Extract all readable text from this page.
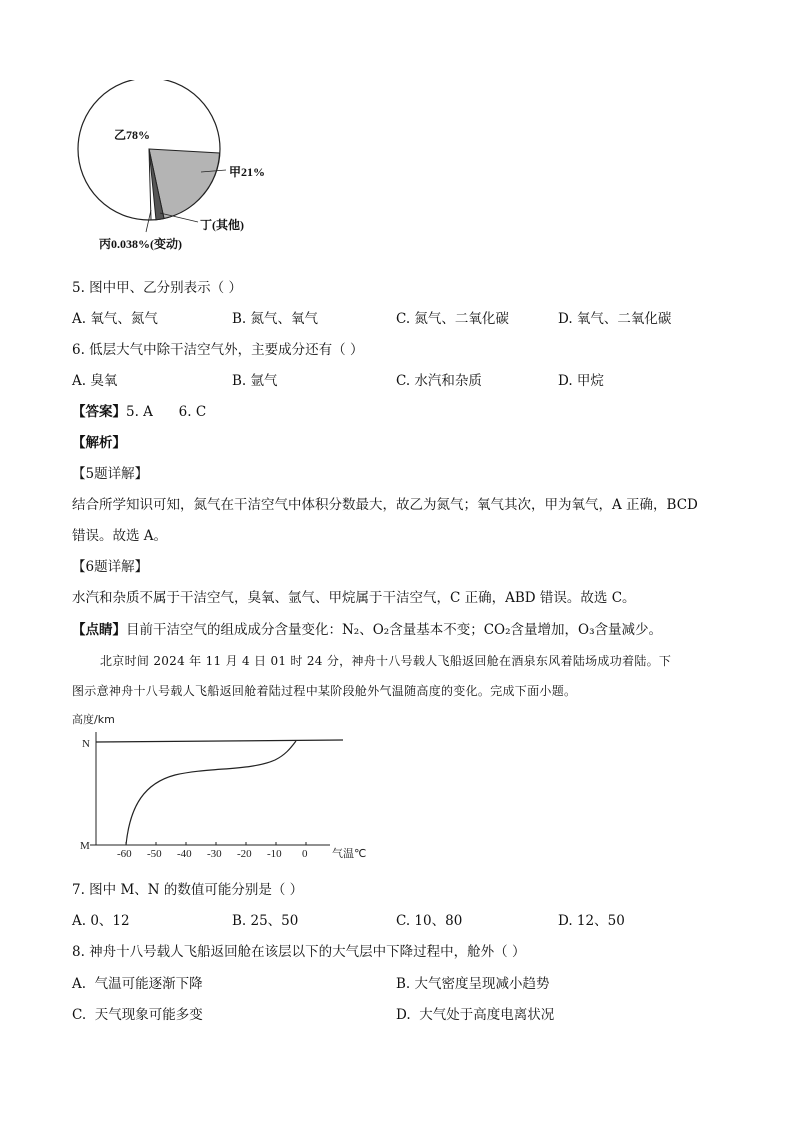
乙78%
甲21%
丁(其他)
丙0.038%(变动)
5. 图中甲、乙分别表示（ ）
A. 氧气、氮气	B. 氮气、氧气	C. 氮气、二氧化碳	D. 氧气、二氧化碳
6. 低层大气中除干洁空气外，主要成分还有（ ）
A. 臭氧	B. 氩气	C. 水汽和杂质	D. 甲烷
【答案】5. A      6. C
【解析】
【5题详解】
结合所学知识可知，氮气在干洁空气中体积分数最大，故乙为氮气；氧气其次，甲为氧气，A 正确，BCD
错误。故选 A。
【6题详解】
水汽和杂质不属于干洁空气，臭氧、氩气、甲烷属于干洁空气，C 正确，ABD 错误。故选 C。
【点睛】目前干洁空气的组成成分含量变化：N₂、O₂含量基本不变；CO₂含量增加，O₃含量减少。
北京时间 2024 年 11 月 4 日 01 时 24 分，神舟十八号载人飞船返回舱在酒泉东风着陆场成功着陆。下
图示意神舟十八号载人飞船返回舱着陆过程中某阶段舱外气温随高度的变化。完成下面小题。
高度/km
N
M
-60 -50 -40 -30 -20 -10 0 气温℃
7. 图中 M、N 的数值可能分别是（ ）
A. 0、12	B. 25、50	C. 10、80	D. 12、50
8. 神舟十八号载人飞船返回舱在该层以下的大气层中下降过程中，舱外（ ）
A.  气温可能逐渐下降	B. 大气密度呈现减小趋势
C.  天气现象可能多变	D.  大气处于高度电离状况
